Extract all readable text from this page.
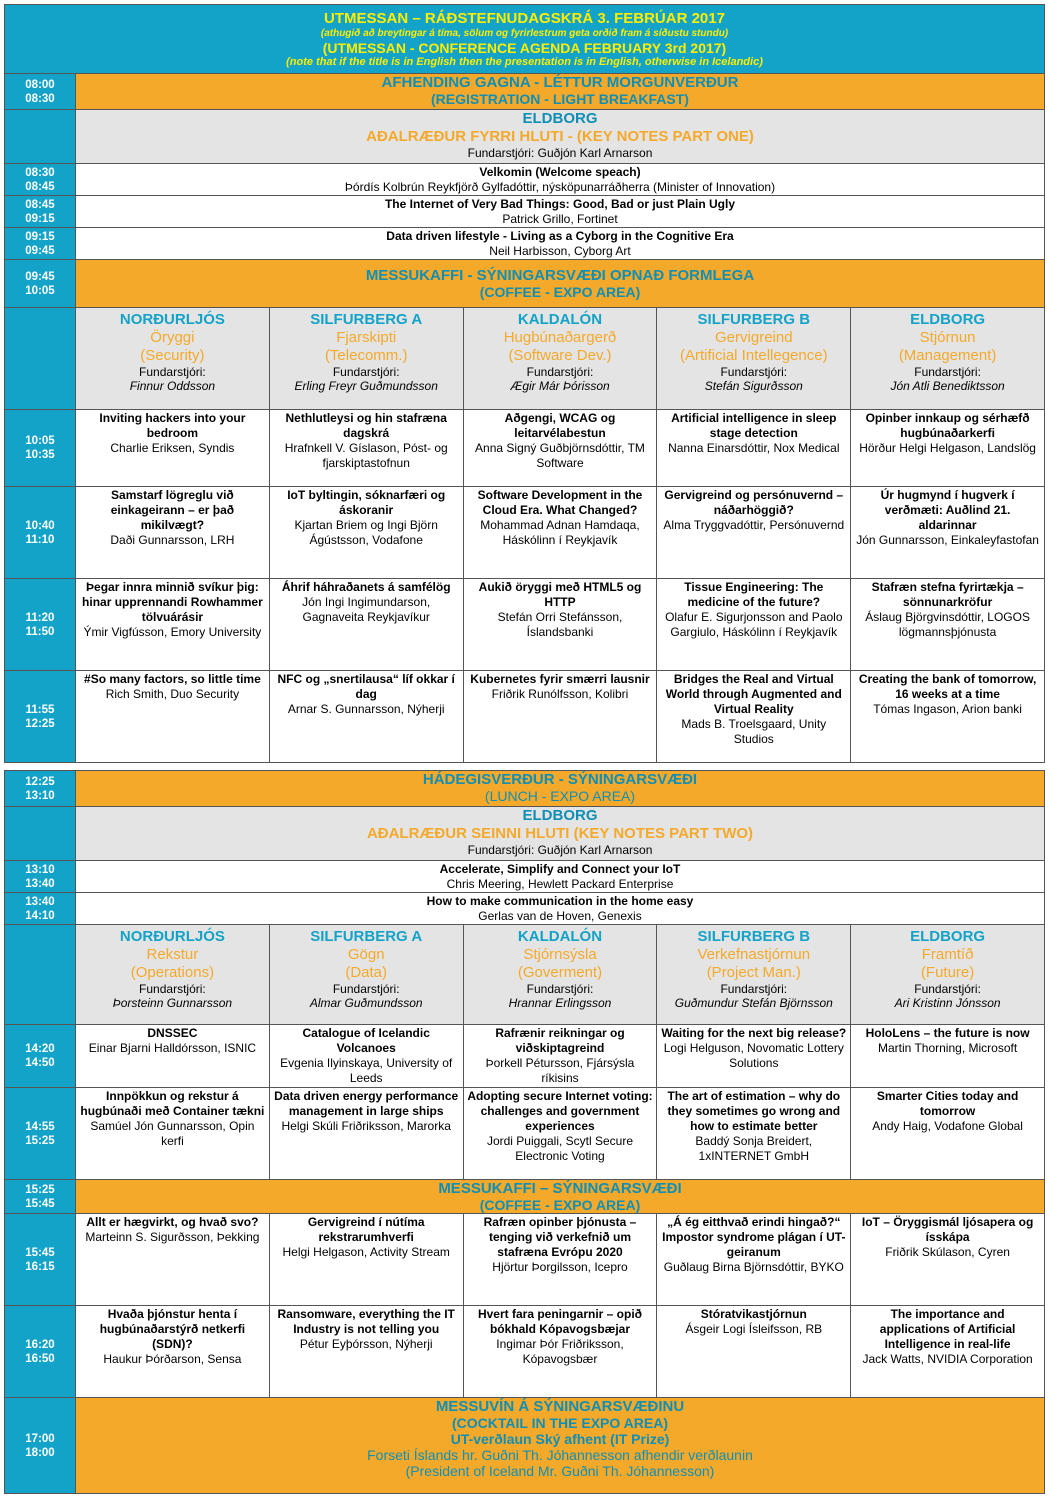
UTMESSAN – RÁÐSTEFNUDAGSKRÁ 3. FEBRÚAR 2017
(athugið að breytingar á tíma, sölum og fyrirlestrum geta orðið fram á síðustu stundu)
(UTMESSAN - CONFERENCE AGENDA FEBRUARY 3rd 2017)
(note that if the title is in English then the presentation is in English, otherwise in Icelandic)					

08:00
08:30	AFHENDING GAGNA - LÉTTUR MORGUNVERÐUR
(REGISTRATION - LIGHT BREAKFAST)				

	ELDBORG
AÐALRÆÐUR FYRRI HLUTI - (KEY NOTES PART ONE)
Fundarstjóri: Guðjón Karl Arnarson				

08:30
08:45	Velkomin (Welcome speach)
Þórdís Kolbrún Reykfjörð Gylfadóttir, nýsköpunarráðherra (Minister of Innovation)				

08:45
09:15	The Internet of Very Bad Things: Good, Bad or just Plain Ugly
Patrick Grillo, Fortinet				

09:15
09:45	Data driven lifestyle - Living as a Cyborg in the Cognitive Era
Neil Harbisson, Cyborg Art				

09:45
10:05	MESSUKAFFI - SÝNINGARSVÆÐI OPNAÐ FORMLEGA
(COFFEE - EXPO AREA)				

	NORÐURLJÓS
Öryggi
(Security)
Fundarstjóri:
Finnur Oddsson	SILFURBERG A
Fjarskipti
(Telecomm.)
Fundarstjóri:
Erling Freyr Guðmundsson	KALDALÓN
Hugbúnaðargerð
(Software Dev.)
Fundarstjóri:
Ægir Már Þórisson	SILFURBERG B
Gervigreind
(Artificial Intellegence)
Fundarstjóri:
Stefán Sigurðsson	ELDBORG
Stjórnun
(Management)
Fundarstjóri:
Jón Atli Benediktsson

10:05
10:35	Inviting hackers into your bedroom
Charlie Eriksen, Syndis	Nethlutleysi og hin stafræna dagskrá
Hrafnkell V. Gíslason, Póst- og fjarskiptastofnun	Aðgengi, WCAG og leitarvélabestun
Anna Signý Guðbjörnsdóttir, TM Software	Artificial intelligence in sleep stage detection
Nanna Einarsdóttir, Nox Medical	Opinber innkaup og sérhæfð hugbúnaðarkerfi
Hörður Helgi Helgason, Landslög

10:40
11:10	Samstarf lögreglu við einkageirann – er það mikilvægt?
Daði Gunnarsson, LRH	IoT byltingin, sóknarfæri og áskoranir
Kjartan Briem og Ingi Björn Ágústsson, Vodafone	Software Development in the Cloud Era. What Changed?
Mohammad Adnan Hamdaqa, Háskólinn í Reykjavík	Gervigreind og persónuvernd – náðarhöggið?
Alma Tryggvadóttir, Persónuvernd	Úr hugmynd í hugverk í verðmæti: Auðlind 21. aldarinnar
Jón Gunnarsson, Einkaleyfastofan

11:20
11:50	Þegar innra minnið svíkur þig: hinar upprennandi Rowhammer tölvuárásir
Ýmir Vigfússon, Emory University	Áhrif háhraðanets á samfélög
Jón Ingi Ingimundarson, Gagnaveita Reykjavíkur	Aukið öryggi með HTML5 og HTTP
Stefán Orri Stefánsson, Íslandsbanki	Tissue Engineering: The medicine of the future?
Olafur E. Sigurjonsson and Paolo Gargiulo, Háskólinn í Reykjavík	Stafræn stefna fyrirtækja – sönnunarkröfur
Áslaug Björgvinsdóttir, LOGOS lögmannsþjónusta

11:55
12:25	#So many factors, so little time
Rich Smith, Duo Security	NFC og „snertilausa“ líf okkar í dag
Arnar S. Gunnarsson, Nýherji	Kubernetes fyrir smærri lausnir
Friðrik Runólfsson, Kolibri	Bridges the Real and Virtual World through Augmented and Virtual Reality
Mads B. Troelsgaard, Unity Studios	Creating the bank of tomorrow, 16 weeks at a time
Tómas Ingason, Arion banki
12:25
13:10	HÁDEGISVERÐUR - SÝNINGARSVÆÐI
(LUNCH - EXPO AREA)				

	ELDBORG
AÐALRÆÐUR SEINNI HLUTI (KEY NOTES PART TWO)
Fundarstjóri: Guðjón Karl Arnarson				

13:10
13:40	Accelerate, Simplify and Connect your IoT
Chris Meering, Hewlett Packard Enterprise				

13:40
14:10	How to make communication in the home easy
Gerlas van de Hoven, Genexis				

	NORÐURLJÓS
Rekstur
(Operations)
Fundarstjóri:
Þorsteinn Gunnarsson	SILFURBERG A
Gögn
(Data)
Fundarstjóri:
Almar Guðmundsson	KALDALÓN
Stjórnsýsla
(Goverment)
Fundarstjóri:
Hrannar Erlingsson	SILFURBERG B
Verkefnastjórnun
(Project Man.)
Fundarstjóri:
Guðmundur Stefán Björnsson	ELDBORG
Framtíð
(Future)
Fundarstjóri:
Ari Kristinn Jónsson

14:20
14:50	DNSSEC
Einar Bjarni Halldórsson, ISNIC	Catalogue of Icelandic Volcanoes
Evgenia Ilyinskaya, University of Leeds	Rafrænir reikningar og viðskiptagreind
Þorkell Pétursson, Fjársýsla ríkisins	Waiting for the next big release?
Logi Helguson, Novomatic Lottery Solutions	HoloLens – the future is now
Martin Thorning, Microsoft

14:55
15:25	Innpökkun og rekstur á hugbúnaði með Container tækni
Samúel Jón Gunnarsson, Opin kerfi	Data driven energy performance management in large ships
Helgi Skúli Friðriksson, Marorka	Adopting secure Internet voting: challenges and government experiences
Jordi Puiggali, Scytl Secure Electronic Voting	The art of estimation – why do they sometimes go wrong and how to estimate better
Baddý Sonja Breidert, 1xINTERNET GmbH	Smarter Cities today and tomorrow
Andy Haig, Vodafone Global

15:25
15:45	MESSUKAFFI – SÝNINGARSVÆÐI
(COFFEE - EXPO AREA)				

15:45
16:15	Allt er hægvirkt, og hvað svo?
Marteinn S. Sigurðsson, Þekking	Gervigreind í nútíma rekstrarumhverfi
Helgi Helgason, Activity Stream	Rafræn opinber þjónusta – tenging við verkefnið um stafræna Evrópu 2020
Hjörtur Þorgilsson, Icepro	„Á ég eitthvað erindi hingað?“ Impostor syndrome plágan í UT-geiranum
Guðlaug Birna Björnsdóttir, BYKO	IoT – Öryggismál ljósapera og ísskápa
Friðrik Skúlason, Cyren

16:20
16:50	Hvaða þjónstur henta í hugbúnaðarstýrð netkerfi (SDN)?
Haukur Þórðarson, Sensa	Ransomware, everything the IT Industry is not telling you
Pétur Eyþórsson, Nýherji	Hvert fara peningarnir – opið bókhald Kópavogsbæjar
Ingimar Þór Friðriksson, Kópavogsbær	Stóratvikastjórnun
Ásgeir Logi Ísleifsson, RB	The importance and applications of Artificial Intelligence in real-life
Jack Watts, NVIDIA Corporation

17:00
18:00	MESSUVÍN Á SÝNINGARSVÆÐINU
(COCKTAIL IN THE EXPO AREA)
UT-verðlaun Ský afhent (IT Prize)
Forseti Íslands hr. Guðni Th. Jóhannesson afhendir verðlaunin
(President of Iceland Mr. Guðni Th. Jóhannesson)				
